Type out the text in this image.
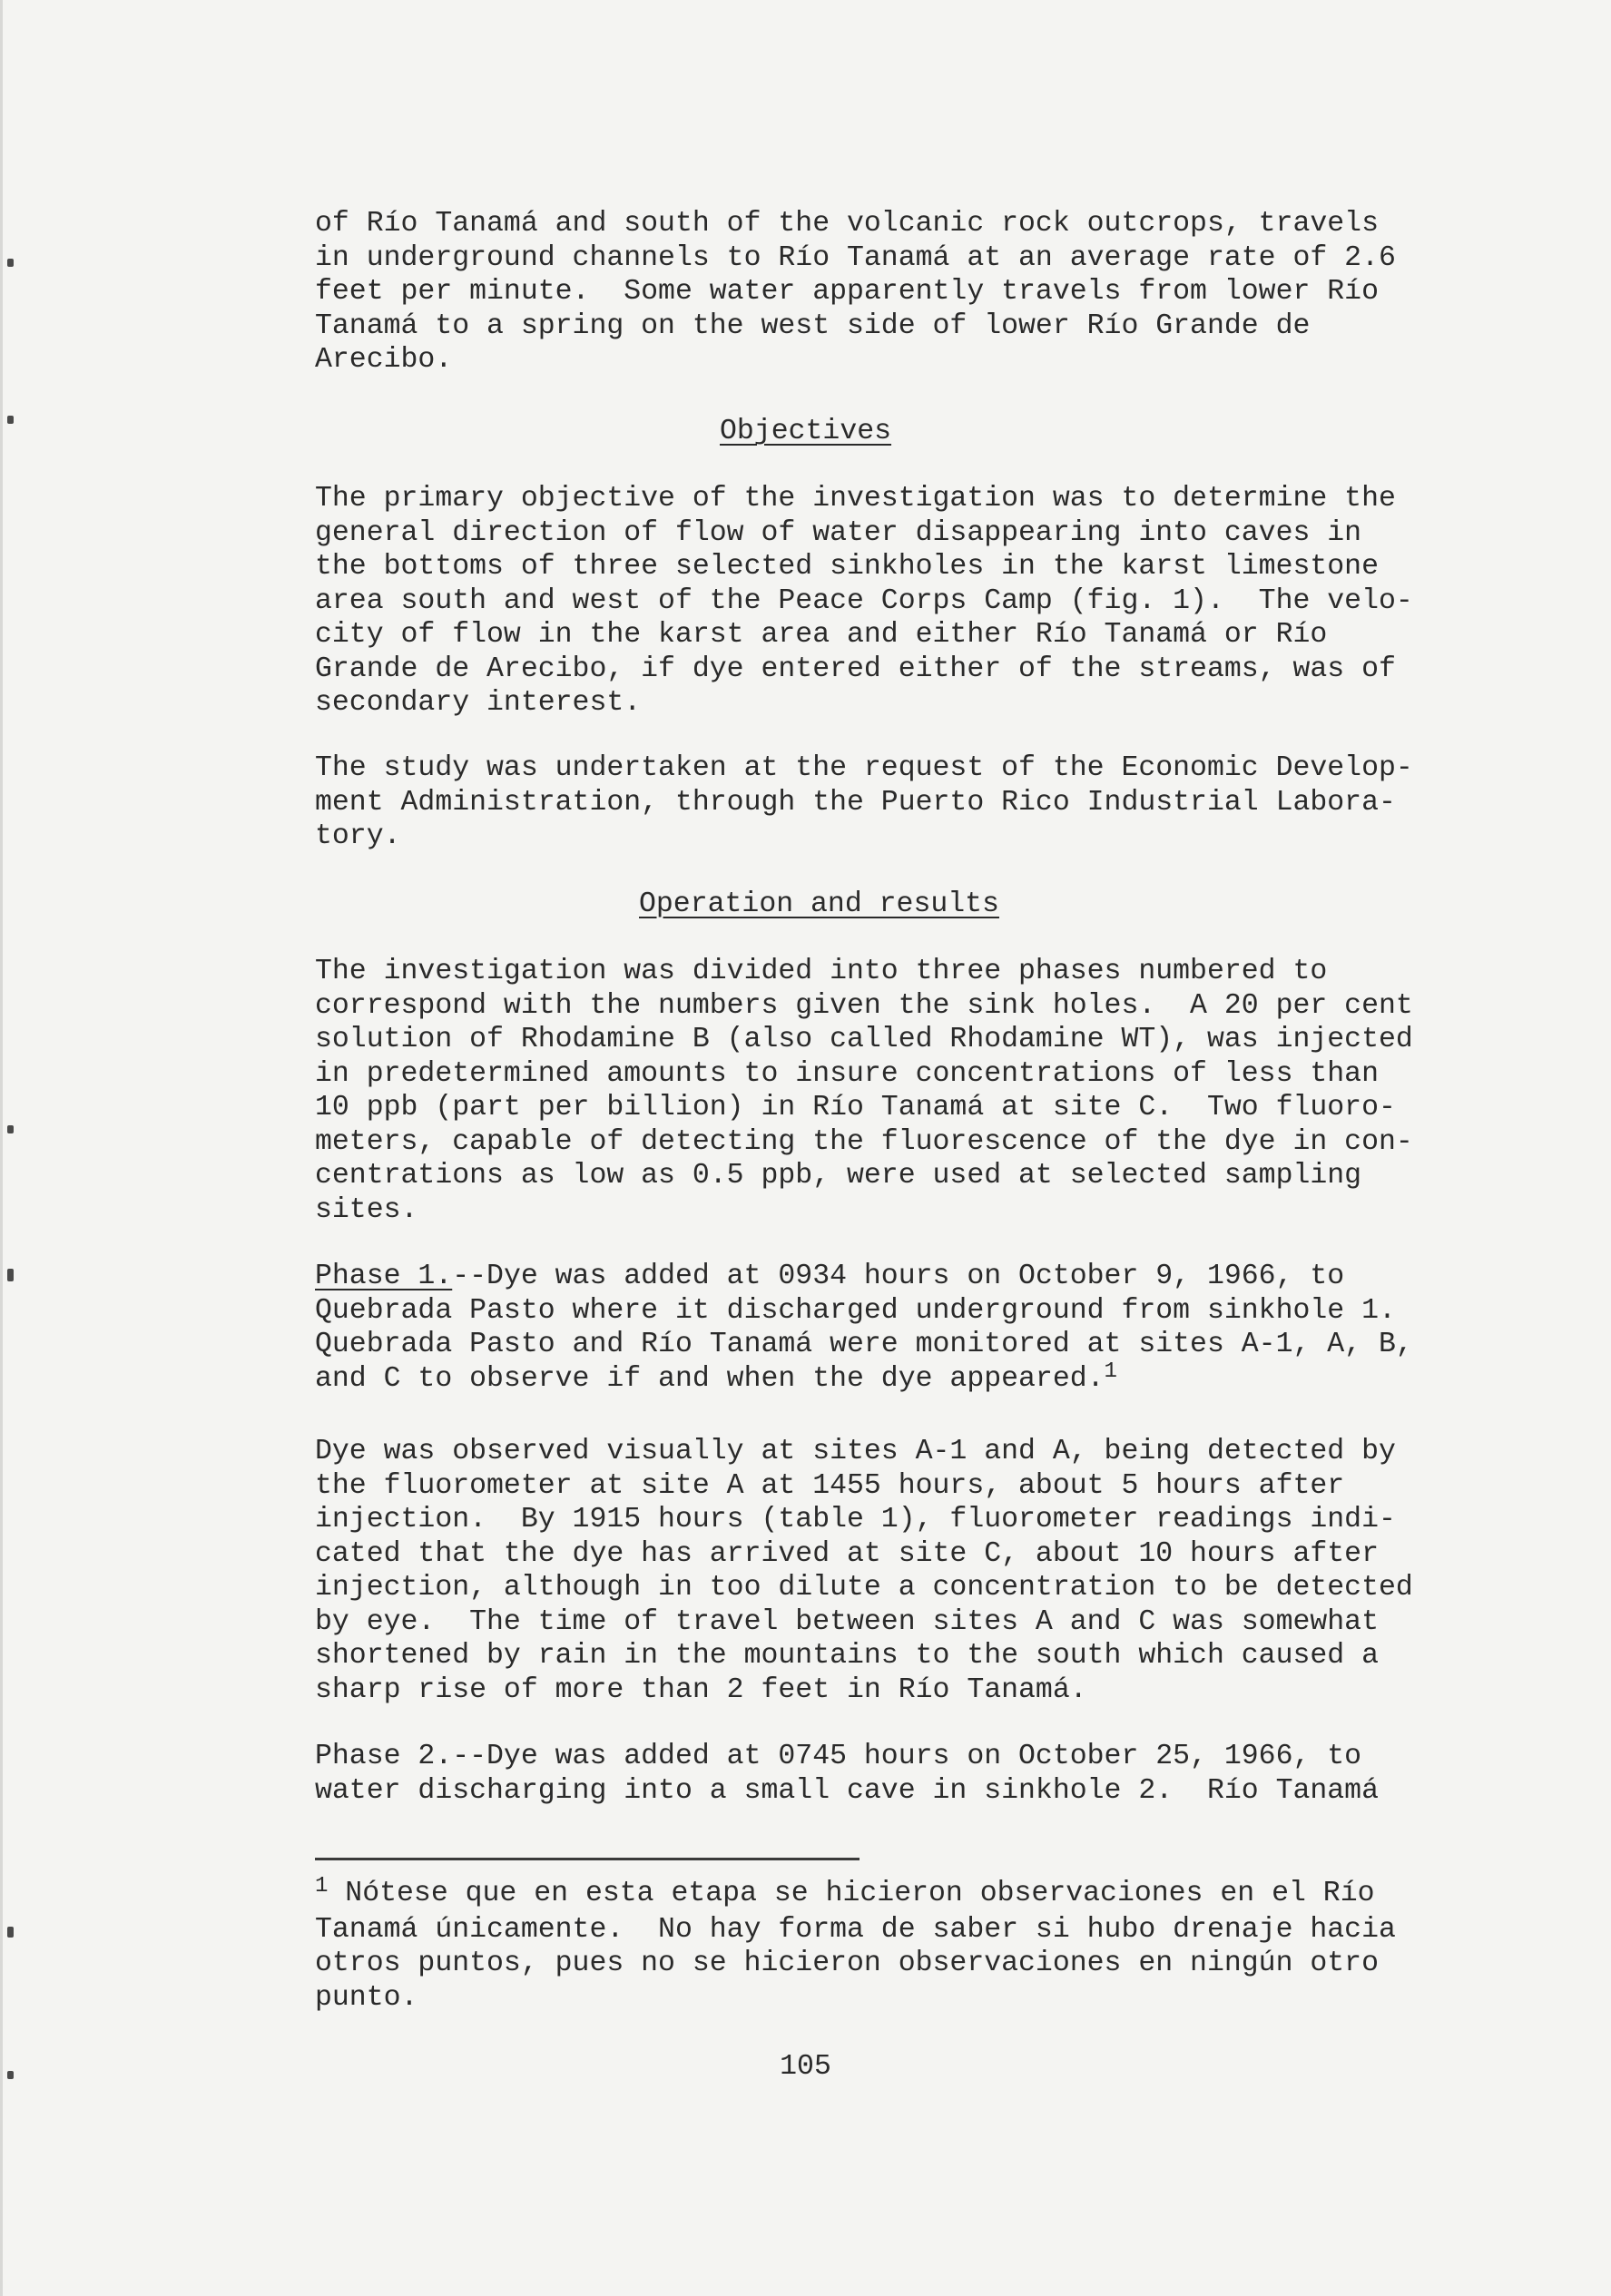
of Río Tanamá and south of the volcanic rock outcrops, travels

in underground channels to Río Tanamá at an average rate of 2.6

feet per minute.  Some water apparently travels from lower Río

Tanamá to a spring on the west side of lower Río Grande de

Arecibo.

Objectives

The primary objective of the investigation was to determine the

general direction of flow of water disappearing into caves in

the bottoms of three selected sinkholes in the karst limestone

area south and west of the Peace Corps Camp (fig. 1).  The velo-

city of flow in the karst area and either Río Tanamá or Río

Grande de Arecibo, if dye entered either of the streams, was of

secondary interest.

The study was undertaken at the request of the Economic Develop-

ment Administration, through the Puerto Rico Industrial Labora-

tory.

Operation and results

The investigation was divided into three phases numbered to

correspond with the numbers given the sink holes.  A 20 per cent

solution of Rhodamine B (also called Rhodamine WT), was injected

in predetermined amounts to insure concentrations of less than

10 ppb (part per billion) in Río Tanamá at site C.  Two fluoro-

meters, capable of detecting the fluorescence of the dye in con-

centrations as low as 0.5 ppb, were used at selected sampling

sites.

Phase 1.--Dye was added at 0934 hours on October 9, 1966, to

Quebrada Pasto where it discharged underground from sinkhole 1.

Quebrada Pasto and Río Tanamá were monitored at sites A-1, A, B,

and C to observe if and when the dye appeared.$^1$

Dye was observed visually at sites A-1 and A, being detected by

the fluorometer at site A at 1455 hours, about 5 hours after

injection.  By 1915 hours (table 1), fluorometer readings indi-

cated that the dye has arrived at site C, about 10 hours after

injection, although in too dilute a concentration to be detected

by eye.  The time of travel between sites A and C was somewhat

shortened by rain in the mountains to the south which caused a

sharp rise of more than 2 feet in Río Tanamá.

Phase 2.--Dye was added at 0745 hours on October 25, 1966, to

water discharging into a small cave in sinkhole 2.  Río Tanamá

$^1$ Nótese que en esta etapa se hicieron observaciones en el Río

Tanamá únicamente.  No hay forma de saber si hubo drenaje hacia

otros puntos, pues no se hicieron observaciones en ningún otro

punto.

105
